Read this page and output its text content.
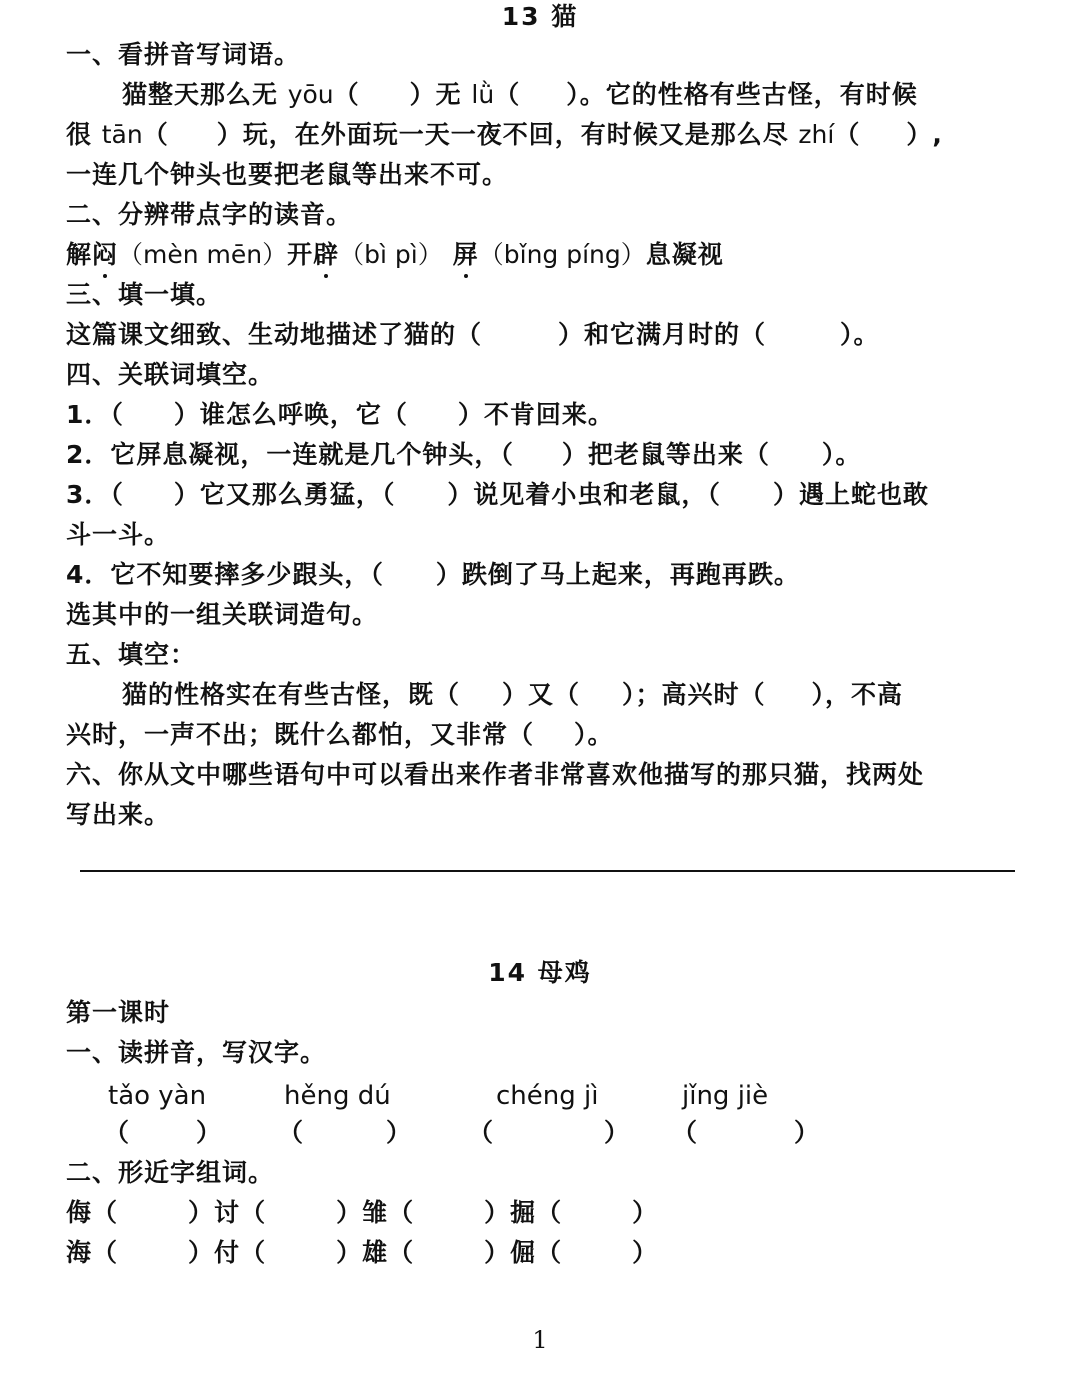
13 猫
一、看拼音写词语。
猫整天那么无 yōu（ ）无 lǜ（ ）。它的性格有些古怪，有时候
很 tān（ ）玩，在外面玩一天一夜不回，有时候又是那么尽 zhí（ ）,
一连几个钟头也要把老鼠等出来不可。
二、分辨带点字的读音。
解闷（mèn mēn）开辟（bì pì） 屏（bǐng píng）息凝视
三、填一填。
这篇课文细致、生动地描述了猫的（	）和它满月时的（	）。
四、关联词填空。
1．（ ）谁怎么呼唤，它（ ）不肯回来。
2．它屏息凝视，一连就是几个钟头，（ ）把老鼠等出来（ ）。
3．（ ）它又那么勇猛，（ ）说见着小虫和老鼠，（ ）遇上蛇也敢
斗一斗。
4．它不知要摔多少跟头，（ ）跌倒了马上起来，再跑再跌。
选其中的一组关联词造句。
五、填空：
猫的性格实在有些古怪，既（ ）又（ ）；高兴时（ ），不高
兴时，一声不出；既什么都怕，又非常（ ）。
六、你从文中哪些语句中可以看出来作者非常喜欢他描写的那只猫，找两处
写出来。
14 母鸡
第一课时
一、读拼音，写汉字。
tǎo yàn	hěng dú	chéng jì	jǐng jiè
（	） （	） （	） （	）
二、形近字组词。
侮（	）讨（	）雏（	）掘（	）
海（	）付（	）雄（	）倔（	）
1
